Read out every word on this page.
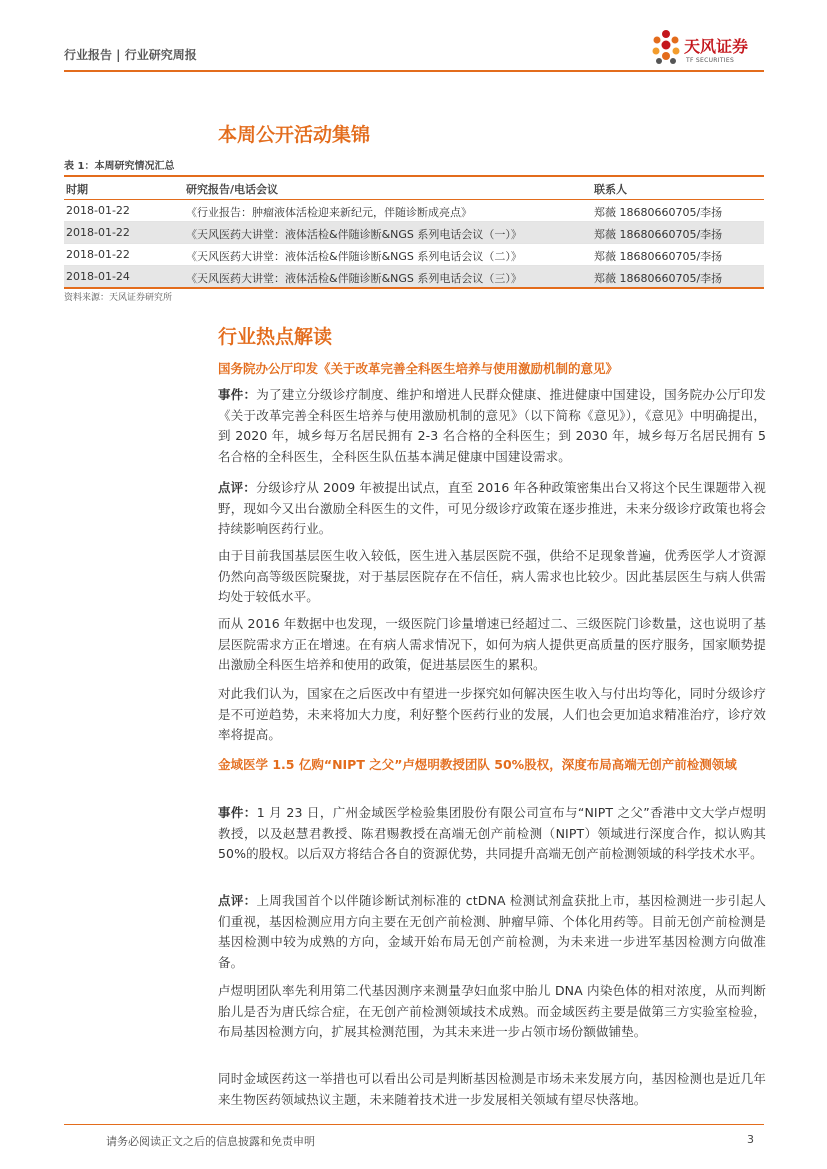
行业报告 | 行业研究周报	天风证券
TF SECURITIES
本周公开活动集锦
表 1：本周研究情况汇总
时期	研究报告/电话会议	联系人
2018-01-22	《行业报告：肿瘤液体活检迎来新纪元，伴随诊断成亮点》	郑薇 18680660705/李扬
2018-01-22	《天风医药大讲堂：液体活检&伴随诊断&NGS 系列电话会议（一）》	郑薇 18680660705/李扬
2018-01-22	《天风医药大讲堂：液体活检&伴随诊断&NGS 系列电话会议（二）》	郑薇 18680660705/李扬
2018-01-24	《天风医药大讲堂：液体活检&伴随诊断&NGS 系列电话会议（三）》	郑薇 18680660705/李扬
资料来源：天风证券研究所
行业热点解读
国务院办公厅印发《关于改革完善全科医生培养与使用激励机制的意见》
事件：为了建立分级诊疗制度、维护和增进人民群众健康、推进健康中国建设，国务院办公厅印发《关于改革完善全科医生培养与使用激励机制的意见》（以下简称《意见》），《意见》中明确提出，到 2020 年，城乡每万名居民拥有 2-3 名合格的全科医生；到 2030 年，城乡每万名居民拥有 5 名合格的全科医生，全科医生队伍基本满足健康中国建设需求。
点评：分级诊疗从 2009 年被提出试点，直至 2016 年各种政策密集出台又将这个民生课题带入视野，现如今又出台激励全科医生的文件，可见分级诊疗政策在逐步推进，未来分级诊疗政策也将会持续影响医药行业。
由于目前我国基层医生收入较低，医生进入基层医院不强，供给不足现象普遍，优秀医学人才资源仍然向高等级医院聚拢，对于基层医院存在不信任，病人需求也比较少。因此基层医生与病人供需均处于较低水平。
而从 2016 年数据中也发现，一级医院门诊量增速已经超过二、三级医院门诊数量，这也说明了基层医院需求方正在增速。在有病人需求情况下，如何为病人提供更高质量的医疗服务，国家顺势提出激励全科医生培养和使用的政策，促进基层医生的累积。
对此我们认为，国家在之后医改中有望进一步探究如何解决医生收入与付出均等化，同时分级诊疗是不可逆趋势，未来将加大力度，利好整个医药行业的发展，人们也会更加追求精准治疗，诊疗效率将提高。
金域医学 1.5 亿购“NIPT 之父”卢煜明教授团队 50%股权，深度布局高端无创产前检测领域
事件：1 月 23 日，广州金域医学检验集团股份有限公司宣布与“NIPT 之父”香港中文大学卢煜明教授，以及赵慧君教授、陈君赐教授在高端无创产前检测（NIPT）领域进行深度合作，拟认购其 50%的股权。以后双方将结合各自的资源优势，共同提升高端无创产前检测领域的科学技术水平。
点评：上周我国首个以伴随诊断试剂标准的 ctDNA 检测试剂盒获批上市，基因检测进一步引起人们重视，基因检测应用方向主要在无创产前检测、肿瘤早筛、个体化用药等。目前无创产前检测是基因检测中较为成熟的方向，金域开始布局无创产前检测，为未来进一步进军基因检测方向做准备。
卢煜明团队率先利用第二代基因测序来测量孕妇血浆中胎儿 DNA 内染色体的相对浓度，从而判断胎儿是否为唐氏综合症，在无创产前检测领域技术成熟。而金域医药主要是做第三方实验室检验，布局基因检测方向，扩展其检测范围，为其未来进一步占领市场份额做铺垫。
同时金域医药这一举措也可以看出公司是判断基因检测是市场未来发展方向，基因检测也是近几年来生物医药领域热议主题，未来随着技术进一步发展相关领域有望尽快落地。
请务必阅读正文之后的信息披露和免责申明	3
